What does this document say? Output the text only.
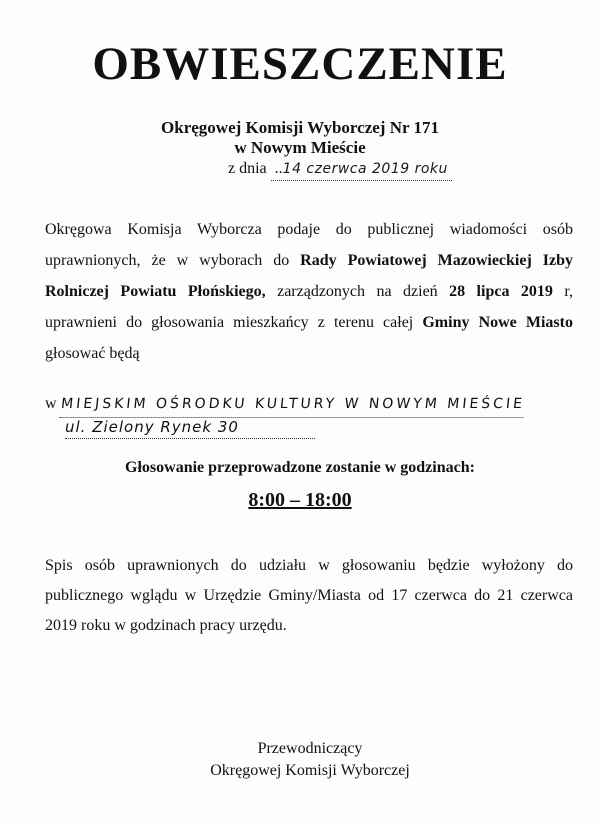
OBWIESZCZENIE
Okręgowej Komisji Wyborczej Nr 171
w Nowym Mieście
z dnia  ..14 czerwca 2019 roku
Okręgowa Komisja Wyborcza podaje do publicznej wiadomości osób uprawnionych, że w wyborach do Rady Powiatowej Mazowieckiej Izby Rolniczej Powiatu Płońskiego, zarządzonych na dzień 28 lipca 2019 r, uprawnieni do głosowania mieszkańcy z terenu całej Gminy Nowe Miasto głosować będą
w MIEJSKIM OŚRODKU KULTURY W NOWYM MIEŚCIE
ul. Zielony Rynek 30
Głosowanie przeprowadzone zostanie w godzinach:
8:00 – 18:00
Spis osób uprawnionych do udziału w głosowaniu będzie wyłożony do publicznego wglądu w Urzędzie Gminy/Miasta od 17 czerwca do 21 czerwca 2019 roku w godzinach pracy urzędu.
Przewodniczący
Okręgowej Komisji Wyborczej
